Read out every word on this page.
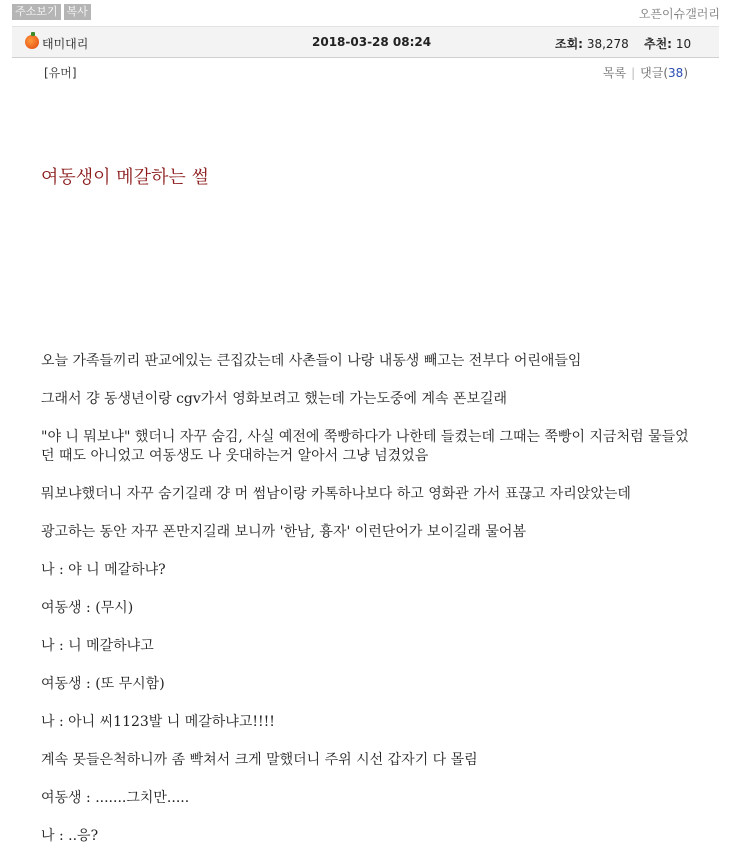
주소보기 복사	오픈이슈갤러리
태미대리	2018-03-28 08:24	조회: 38,278 추천: 10
[유머]	목록 | 댓글(38)
여동생이 메갈하는 썰

오늘 가족들끼리 판교에있는 큰집갔는데 사촌들이 나랑 내동생 빼고는 전부다 어린애들임

그래서 걍 동생년이랑 cgv가서 영화보려고 했는데 가는도중에 계속 폰보길래

"야 니 뭐보냐" 했더니 자꾸 숨김, 사실 예전에 쭉빵하다가 나한테 들켰는데 그때는 쭉빵이 지금처럼 물들었던 때도 아니었고 여동생도 나 웃대하는거 알아서 그냥 넘겼었음

뭐보냐했더니 자꾸 숨기길래 걍 머 썸남이랑 카톡하나보다 하고 영화관 가서 표끊고 자리앉았는데

광고하는 동안 자꾸 폰만지길래 보니까 '한남, 흉자' 이런단어가 보이길래 물어봄

나 : 야 니 메갈하냐?

여동생 : (무시)

나 : 니 메갈하냐고

여동생 : (또 무시함)

나 : 아니 씨1123발 니 메갈하냐고!!!!

계속 못들은척하니까 좀 빡쳐서 크게 말했더니 주위 시선 갑자기 다 몰림

여동생 : .......그치만.....

나 : ..응?
